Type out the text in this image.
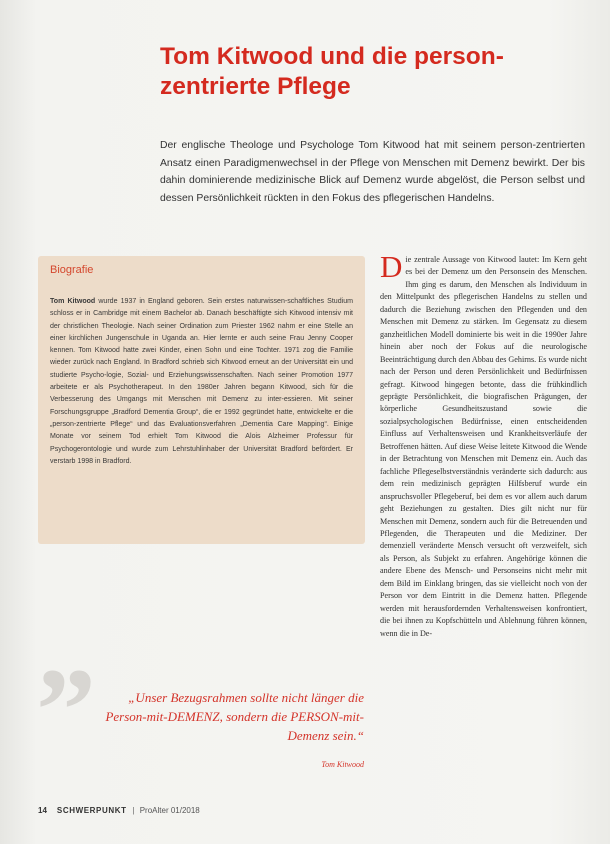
Tom Kitwood und die person-zentrierte Pflege

Der englische Theologe und Psychologe Tom Kitwood hat mit seinem person-zentrierten Ansatz einen Paradigmenwechsel in der Pflege von Menschen mit Demenz bewirkt. Der bis dahin dominierende medizinische Blick auf Demenz wurde abgelöst, die Person selbst und dessen Persönlichkeit rückten in den Fokus des pflegerischen Handelns.

Biografie

Tom Kitwood wurde 1937 in England geboren. Sein erstes naturwissen-schaftliches Studium schloss er in Cambridge mit einem Bachelor ab. Danach beschäftigte sich Kitwood intensiv mit der christlichen Theologie. Nach seiner Ordination zum Priester 1962 nahm er eine Stelle an einer kirchlichen Jungenschule in Uganda an. Hier lernte er auch seine Frau Jenny Cooper kennen. Tom Kitwood hatte zwei Kinder, einen Sohn und eine Tochter. 1971 zog die Familie wieder zurück nach England. In Bradford schrieb sich Kitwood erneut an der Universität ein und studierte Psycho-logie, Sozial- und Erziehungswissenschaften. Nach seiner Promotion 1977 arbeitete er als Psychotherapeut. In den 1980er Jahren begann Kitwood, sich für die Verbesserung des Umgangs mit Menschen mit Demenz zu inter-essieren. Mit seiner Forschungsgruppe „Bradford Dementia Group“, die er 1992 gegründet hatte, entwickelte er die „person-zentrierte Pflege“ und das Evaluationsverfahren „Dementia Care Mapping“. Einige Monate vor seinem Tod erhielt Tom Kitwood die Alois Alzheimer Professur für Psychogerontologie und wurde zum Lehrstuhlinhaber der Universität Bradford befördert. Er verstarb 1998 in Bradford.

”	„Unser Bezugsrahmen sollte nicht länger die Person-mit-DEMENZ, sondern die PERSON-mit-Demenz sein.“

Tom Kitwood

Die zentrale Aussage von Kitwood lautet: Im Kern geht es bei der Demenz um den Personsein des Menschen. Ihm ging es darum, den Menschen als Individuum in den Mittelpunkt des pflegerischen Handelns zu stellen und dadurch die Beziehung zwischen den Pflegenden und den Menschen mit Demenz zu stärken. Im Gegensatz zu diesem ganzheitlichen Modell dominierte bis weit in die 1990er Jahre hinein aber noch der Fokus auf die neurologische Beeinträchtigung durch den Abbau des Gehirns. Es wurde nicht nach der Person und deren Persönlichkeit und Bedürfnissen gefragt. Kitwood hingegen betonte, dass die frühkindlich geprägte Persönlichkeit, die biografischen Prägungen, der körperliche Gesundheitszustand sowie die sozialpsychologischen Bedürfnisse, einen entscheidenden Einfluss auf Verhaltensweisen und Krankheitsverläufe der Betroffenen hätten. Auf diese Weise leitete Kitwood die Wende in der Betrachtung von Menschen mit Demenz ein. Auch das fachliche Pflegeselbstverständnis veränderte sich dadurch: aus dem rein medizinisch geprägten Hilfsberuf wurde ein anspruchsvoller Pflegeberuf, bei dem es vor allem auch darum geht Beziehungen zu gestalten. Dies gilt nicht nur für Menschen mit Demenz, sondern auch für die Betreuenden und Pflegenden, die Therapeuten und die Mediziner. Der demenziell veränderte Mensch versucht oft verzweifelt, sich als Person, als Subjekt zu erfahren. Angehörige können die andere Ebene des Mensch- und Personseins nicht mehr mit dem Bild im Einklang bringen, das sie vielleicht noch von der Person vor dem Eintritt in die Demenz hatten. Pflegende werden mit herausfordernden Verhaltensweisen konfrontiert, die bei ihnen zu Kopfschütteln und Ablehnung führen können, wenn die in De-

14 SCHWERPUNKT | ProAlter 01/2018
